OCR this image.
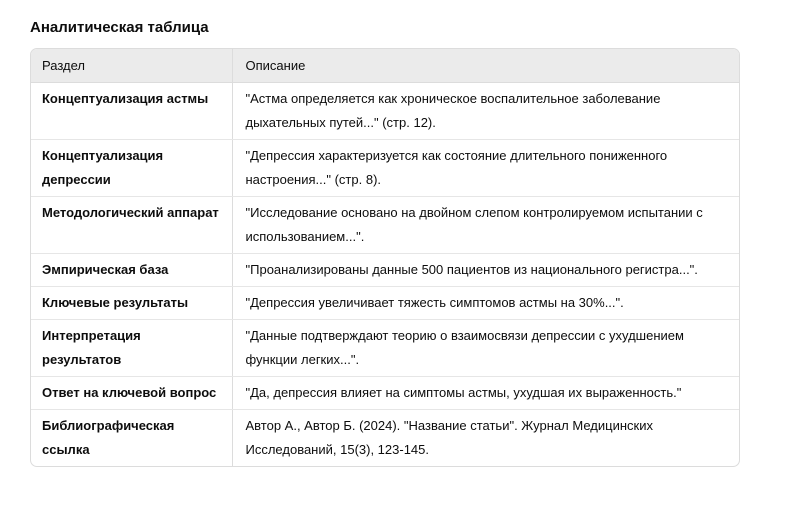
Аналитическая таблица
Раздел	Описание
Концептуализация астмы	"Астма определяется как хроническое воспалительное заболевание дыхательных путей..." (стр. 12).
Концептуализация депрессии	"Депрессия характеризуется как состояние длительного пониженного настроения..." (стр. 8).
Методологический аппарат	"Исследование основано на двойном слепом контролируемом испытании с использованием...".
Эмпирическая база	"Проанализированы данные 500 пациентов из национального регистра...".
Ключевые результаты	"Депрессия увеличивает тяжесть симптомов астмы на 30%...".
Интерпретация результатов	"Данные подтверждают теорию о взаимосвязи депрессии с ухудшением функции легких...".
Ответ на ключевой вопрос	"Да, депрессия влияет на симптомы астмы, ухудшая их выраженность."
Библиографическая ссылка	Автор А., Автор Б. (2024). "Название статьи". Журнал Медицинских Исследований, 15(3), 123-145.
